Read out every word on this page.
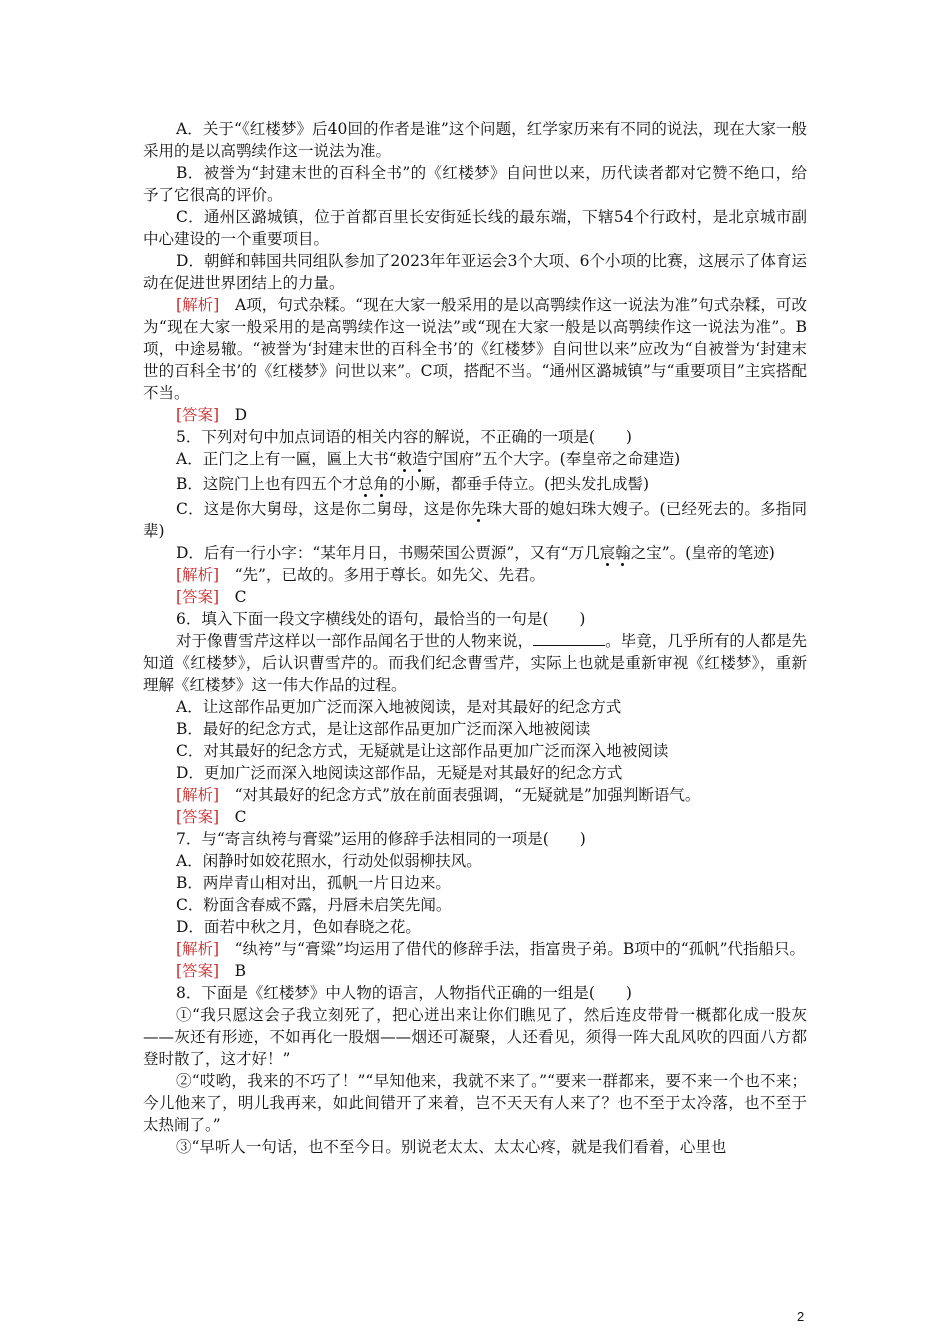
A．关于“《红楼梦》后40回的作者是谁”这个问题，红学家历来有不同的说法，现在大家一般采用的是以高鹗续作这一说法为准。

B．被誉为“封建末世的百科全书”的《红楼梦》自问世以来，历代读者都对它赞不绝口，给予了它很高的评价。

C．通州区潞城镇，位于首都百里长安街延长线的最东端，下辖54个行政村，是北京城市副中心建设的一个重要项目。

D．朝鲜和韩国共同组队参加了2023年年亚运会3个大项、6个小项的比赛，这展示了体育运动在促进世界团结上的力量。

[解析]　 A项，句式杂糅。“现在大家一般采用的是以高鹗续作这一说法为准”句式杂糅，可改为“现在大家一般采用的是高鹗续作这一说法”或“现在大家一般是以高鹗续作这一说法为准”。B项，中途易辙。“被誉为‘封建末世的百科全书’的《红楼梦》自问世以来”应改为“自被誉为‘封建末世的百科全书’的《红楼梦》问世以来”。C项，搭配不当。“通州区潞城镇”与“重要项目”主宾搭配不当。

[答案]　 D

5．下列对句中加点词语的相关内容的解说，不正确的一项是(　　)

A．正门之上有一匾，匾上大书“敕造宁国府”五个大字。(奉皇帝之命建造)

B．这院门上也有四五个才总角的小厮，都垂手侍立。(把头发扎成髻)

C．这是你大舅母，这是你二舅母，这是你先珠大哥的媳妇珠大嫂子。(已经死去的。多指同辈)

D．后有一行小字：“某年月日，书赐荣国公贾源”，又有“万几宸翰之宝”。(皇帝的笔迹)

[解析]　 “先”，已故的。多用于尊长。如先父、先君。

[答案]　 C

6．填入下面一段文字横线处的语句，最恰当的一句是(　　)

对于像曹雪芹这样以一部作品闻名于世的人物来说，	。毕竟，几乎所有的人都是先知道《红楼梦》，后认识曹雪芹的。而我们纪念曹雪芹，实际上也就是重新审视《红楼梦》，重新理解《红楼梦》这一伟大作品的过程。

A．让这部作品更加广泛而深入地被阅读，是对其最好的纪念方式

B．最好的纪念方式，是让这部作品更加广泛而深入地被阅读

C．对其最好的纪念方式，无疑就是让这部作品更加广泛而深入地被阅读

D．更加广泛而深入地阅读这部作品，无疑是对其最好的纪念方式

[解析]　 “对其最好的纪念方式”放在前面表强调，“无疑就是”加强判断语气。

[答案]　 C

7．与“寄言纨袴与膏粱”运用的修辞手法相同的一项是(　　)

A．闲静时如姣花照水，行动处似弱柳扶风。

B．两岸青山相对出，孤帆一片日边来。

C．粉面含春威不露，丹唇未启笑先闻。

D．面若中秋之月，色如春晓之花。

[解析]　 “纨袴”与“膏粱”均运用了借代的修辞手法，指富贵子弟。B项中的“孤帆”代指船只。

[答案]　 B

8．下面是《红楼梦》中人物的语言，人物指代正确的一组是(　　)

①“我只愿这会子我立刻死了，把心迸出来让你们瞧见了，然后连皮带骨一概都化成一股灰——灰还有形迹，不如再化一股烟——烟还可凝聚，人还看见，须得一阵大乱风吹的四面八方都登时散了，这才好！”

②“哎哟，我来的不巧了！”“早知他来，我就不来了。”“要来一群都来，要不来一个也不来；今儿他来了，明儿我再来，如此间错开了来着，岂不天天有人来了？也不至于太冷落，也不至于太热闹了。”

③“早听人一句话，也不至今日。别说老太太、太太心疼，就是我们看着，心里也

2
